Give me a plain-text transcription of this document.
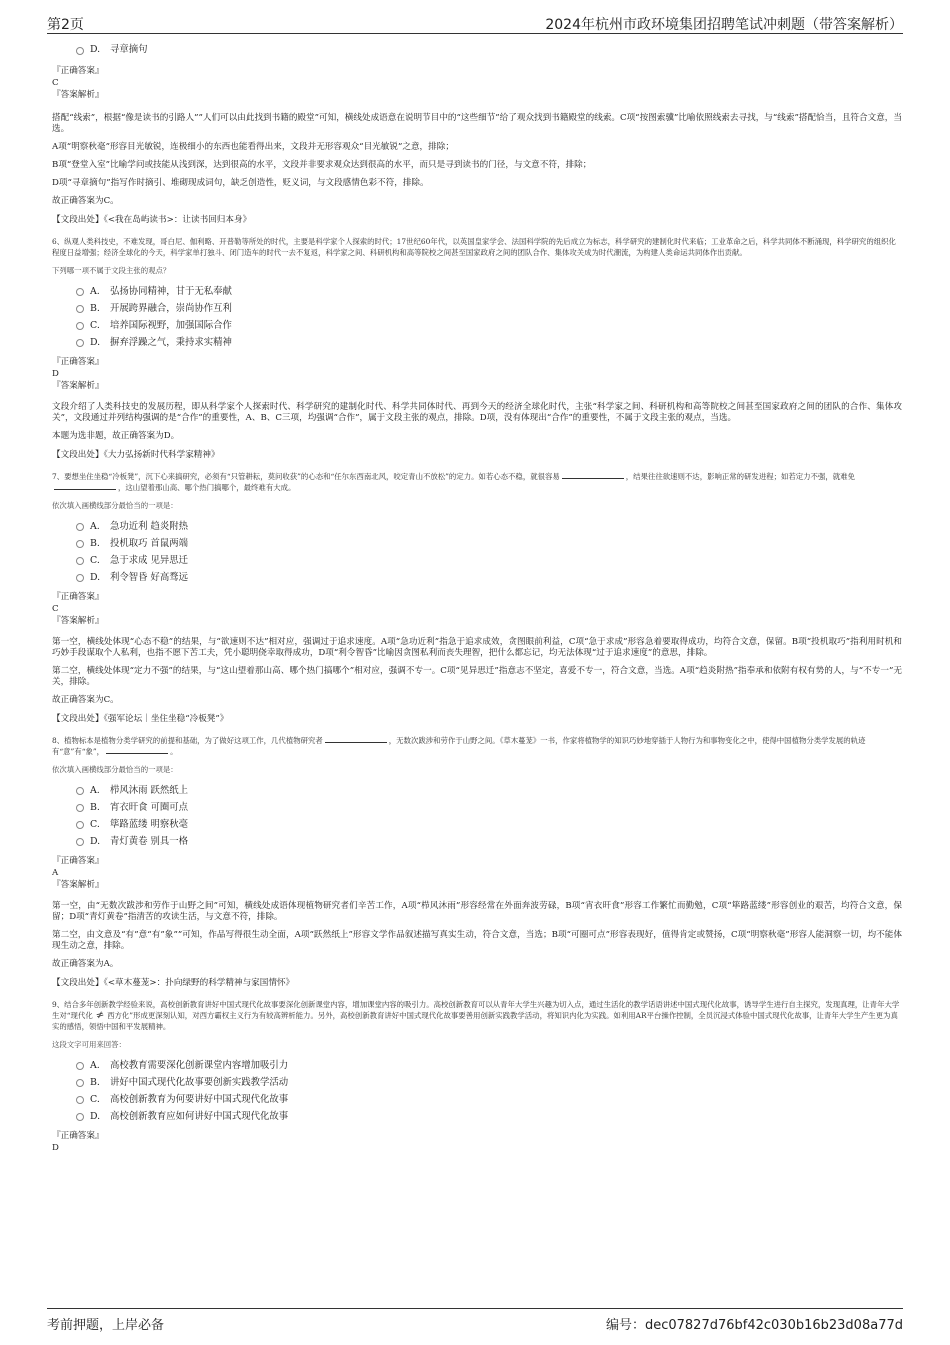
第2页	2024年杭州市政环境集团招聘笔试冲刺题（带答案解析）
D.	寻章摘句
『正确答案』
C
『答案解析』

搭配“线索”，根据“像是读书的引路人””人们可以由此找到书籍的殿堂”可知，横线处成语意在说明节目中的“这些细节”给了观众找到书籍殿堂的线索。C项“按图索骥”比喻依照线索去寻找，与“线索”搭配恰当，且符合文意，当选。

A项“明察秋毫”形容目光敏锐，连极细小的东西也能看得出来，文段并无形容观众“目光敏锐”之意，排除；

B项“登堂入室”比喻学问或技能从浅到深，达到很高的水平，文段并非要求观众达到很高的水平，而只是寻到读书的门径，与文意不符，排除；

D项“寻章摘句”指写作时摘引、堆砌现成词句，缺乏创造性，贬义词，与文段感情色彩不符，排除。

故正确答案为C。

【文段出处】《<我在岛屿读书>：让读书回归本身》

6、纵观人类科技史，不难发现，哥白尼、伽利略、开普勒等所处的时代，主要是科学家个人探索的时代；17世纪60年代，以英国皇家学会、法国科学院的先后成立为标志，科学研究的建制化时代来临；工业革命之后，科学共同体不断涌现，科学研究的组织化程度日益增强；经济全球化的今天，科学家单打独斗、闭门造车的时代一去不复返，科学家之间、科研机构和高等院校之间甚至国家政府之间的团队合作、集体攻关成为时代潮流，为构建人类命运共同体作出贡献。

下列哪一项不属于文段主张的观点？

A.	弘扬协同精神，甘于无私奉献
B.	开展跨界融合，崇尚协作互利
C.	培养国际视野，加强国际合作
D.	摒弃浮躁之气，秉持求实精神
『正确答案』
D
『答案解析』

文段介绍了人类科技史的发展历程，即从科学家个人探索时代、科学研究的建制化时代、科学共同体时代、再到今天的经济全球化时代，主张“科学家之间、科研机构和高等院校之间甚至国家政府之间的团队的合作、集体攻关”，文段通过并列结构强调的是“合作”的重要性，A、B、C三项，均强调“合作”，属于文段主张的观点，排除。D项，没有体现出“合作”的重要性，不属于文段主张的观点，当选。

本题为选非题，故正确答案为D。

【文段出处】《大力弘扬新时代科学家精神》

7、要想坐住坐稳“冷板凳”，沉下心来搞研究，必须有“只管耕耘，莫问收获”的心态和“任尔东西南北风，咬定青山不放松”的定力。如若心态不稳，就很容易	，结果往往欲速则不达，影响正常的研发进程；如若定力不强，就难免，这山望着那山高、哪个热门搞哪个，最终难有大成。

依次填入画横线部分最恰当的一项是：

A.	急功近利 趋炎附热
B.	投机取巧 首鼠两端
C.	急于求成 见异思迁
D.	利令智昏 好高骛远
『正确答案』
C
『答案解析』

第一空，横线处体现“心态不稳”的结果，与“欲速则不达”相对应，强调过于追求速度。A项“急功近利”指急于追求成效，贪图眼前利益，C项“急于求成”形容急着要取得成功，均符合文意，保留。B项“投机取巧”指利用时机和巧妙手段谋取个人私利，也指不愿下苦工夫，凭小聪明侥幸取得成功，D项“利令智昏”比喻因贪图私利而丧失理智，把什么都忘记，均无法体现“过于追求速度”的意思，排除。

第二空，横线处体现“定力不强”的结果，与“这山望着那山高、哪个热门搞哪个”相对应，强调不专一。C项“见异思迁”指意志不坚定，喜爱不专一，符合文意，当选。A项“趋炎附热”指奉承和依附有权有势的人，与“不专一”无关，排除。

故正确答案为C。

【文段出处】《强军论坛｜坐住坐稳“冷板凳”》

8、植物标本是植物分类学研究的前提和基础，为了做好这项工作，几代植物研究者	，无数次跋涉和劳作于山野之间。《草木蔓茏》一书，作家将植物学的知识巧妙地穿插于人物行为和事物变化之中，使得中国植物分类学发展的轨迹有“意”有“象”，	。

依次填入画横线部分最恰当的一项是：

A.	栉风沐雨 跃然纸上
B.	宵衣旰食 可圈可点
C.	筚路蓝缕 明察秋毫
D.	青灯黄卷 别具一格
『正确答案』
A
『答案解析』

第一空，由“无数次跋涉和劳作于山野之间”可知，横线处成语体现植物研究者们辛苦工作，A项“栉风沐雨”形容经常在外面奔波劳碌，B项“宵衣旰食”形容工作繁忙而勤勉，C项“筚路蓝缕”形容创业的艰苦，均符合文意，保留；D项“青灯黄卷”指清苦的攻读生活，与文意不符，排除。

第二空，由文意及“有”意“有”象””可知，作品写得很生动全面，A项“跃然纸上”形容文学作品叙述描写真实生动，符合文意，当选；B项“可圈可点”形容表现好，值得肯定或赞扬，C项“明察秋毫”形容人能洞察一切，均不能体现生动之意，排除。

故正确答案为A。

【文段出处】《<草木蔓茏>：扑向绿野的科学精神与家国情怀》

9、结合多年创新教学经验来说，高校创新教育讲好中国式现代化故事要深化创新课堂内容，增加课堂内容的吸引力。高校创新教育可以从青年大学生兴趣为切入点，通过生活化的教学话语讲述中国式现代化故事，诱导学生进行自主探究，发现真理，让青年大学生对“现代化 ≠ 西方化”形成更深刻认知，对西方霸权主义行为有较高辨析能力。另外，高校创新教育讲好中国式现代化故事要善用创新实践教学活动，将知识内化为实践。如利用AR平台操作控制，全员沉浸式体验中国式现代化故事，让青年大学生产生更为真实的感悟，领悟中国和平发展精神。

这段文字可用来回答：

A.	高校教育需要深化创新课堂内容增加吸引力
B.	讲好中国式现代化故事要创新实践教学活动
C.	高校创新教育为何要讲好中国式现代化故事
D.	高校创新教育应如何讲好中国式现代化故事
『正确答案』
D
考前押题，上岸必备	编号：dec07827d76bf42c030b16b23d08a77d
